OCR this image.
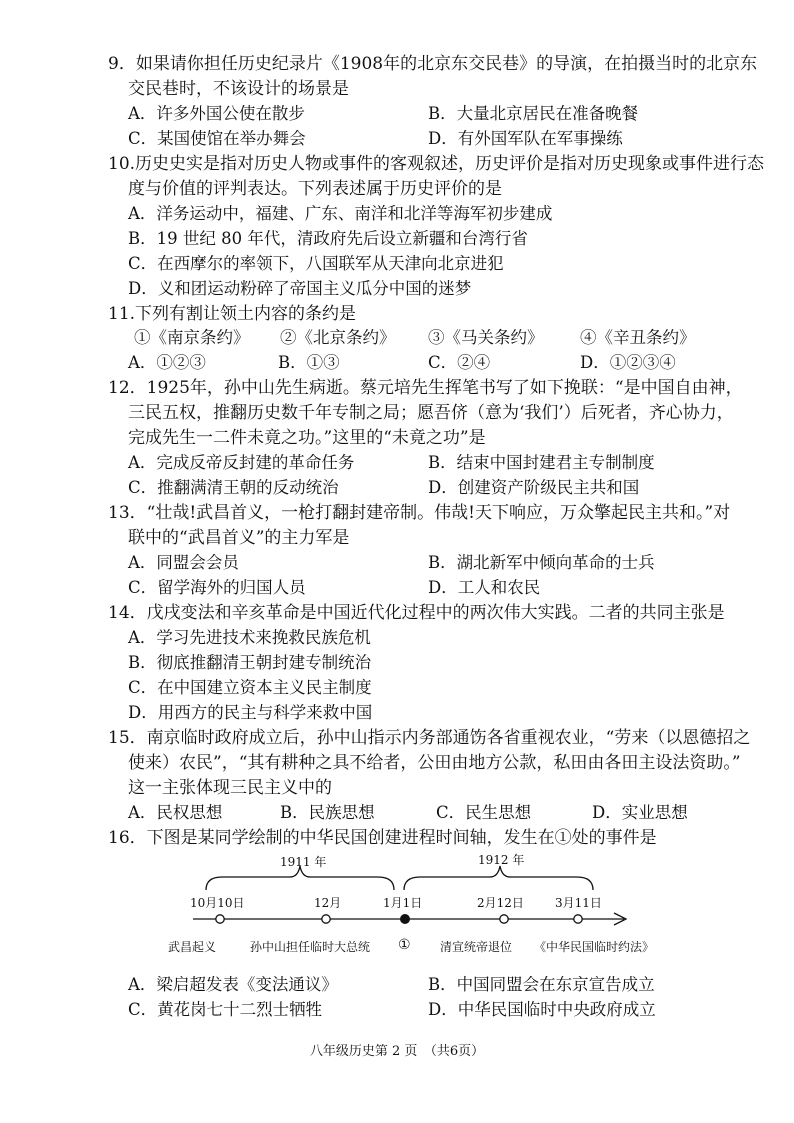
9．如果请你担任历史纪录片《1908年的北京东交民巷》的导演，在拍摄当时的北京东
交民巷时，不该设计的场景是
A．许多外国公使在散步	B．大量北京居民在准备晚餐
C．某国使馆在举办舞会	D．有外国军队在军事操练
10.历史史实是指对历史人物或事件的客观叙述，历史评价是指对历史现象或事件进行态
度与价值的评判表达。下列表述属于历史评价的是
A．洋务运动中，福建、广东、南洋和北洋等海军初步建成
B．19 世纪 80 年代，清政府先后设立新疆和台湾行省
C．在西摩尔的率领下，八国联军从天津向北京进犯
D．义和团运动粉碎了帝国主义瓜分中国的迷梦
11.下列有割让领土内容的条约是
①《南京条约》 ②《北京条约》 ③《马关条约》 ④《辛丑条约》
A．①②③	B．①③	C．②④	D．①②③④
12．1925年，孙中山先生病逝。蔡元培先生挥笔书写了如下挽联：“是中国自由神，
三民五权，推翻历史数千年专制之局；愿吾侪（意为‘我们’）后死者，齐心协力，
完成先生一二件未竟之功。”这里的“未竟之功”是
A．完成反帝反封建的革命任务	B．结束中国封建君主专制制度
C．推翻满清王朝的反动统治	D．创建资产阶级民主共和国
13．“壮哉!武昌首义，一枪打翻封建帝制。伟哉!天下响应，万众擎起民主共和。”对
联中的“武昌首义”的主力军是
A．同盟会会员	B．湖北新军中倾向革命的士兵
C．留学海外的归国人员	D．工人和农民
14．戊戌变法和辛亥革命是中国近代化过程中的两次伟大实践。二者的共同主张是
A．学习先进技术来挽救民族危机
B．彻底推翻清王朝封建专制统治
C．在中国建立资本主义民主制度
D．用西方的民主与科学来救中国
15．南京临时政府成立后，孙中山指示内务部通饬各省重视农业，“劳来（以恩德招之
使来）农民”，“其有耕种之具不给者，公田由地方公款，私田由各田主设法资助。”
这一主张体现三民主义中的
A．民权思想	B．民族思想	C．民生思想	D．实业思想
16．下图是某同学绘制的中华民国创建进程时间轴，发生在①处的事件是
1911 年	1912 年
10月10日	12月	1月1日	2月12日	3月11日
武昌起义	孙中山担任临时大总统 ① 清宣统帝退位 《中华民国临时约法》
A．梁启超发表《变法通议》	B．中国同盟会在东京宣告成立
C．黄花岗七十二烈士牺牲	D．中华民国临时中央政府成立
八年级历史第 2 页　（共6页）
